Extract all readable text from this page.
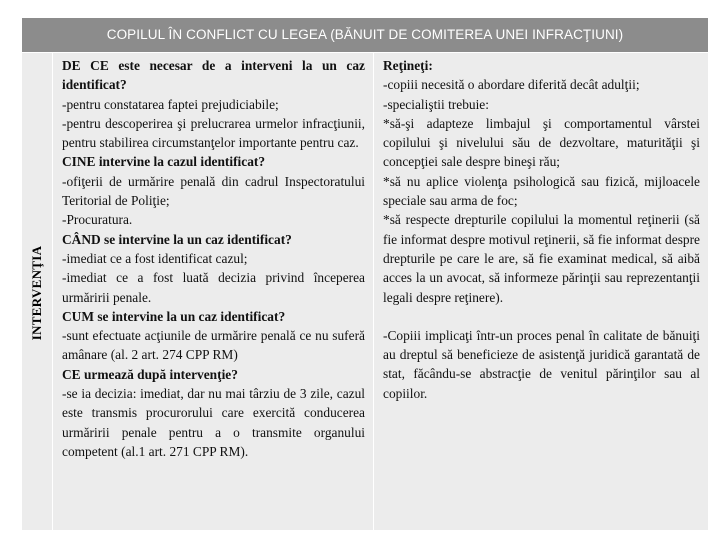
COPILUL ÎN CONFLICT CU LEGEA (BĂNUIT DE COMITEREA UNEI INFRACŢIUNI)
INTERVENŢIA

DE CE este necesar de a interveni la un caz identificat?

-pentru constatarea faptei prejudiciabile;

-pentru descoperirea şi prelucrarea urmelor infracţiunii, pentru stabilirea circumstanţelor importante pentru caz.

CINE intervine la cazul identificat?

-ofiţerii de urmărire penală din cadrul Inspectoratului Teritorial de Poliţie;

-Procuratura.

CÂND se intervine la un caz identificat?

-imediat ce a fost identificat cazul;

-imediat ce a fost luată decizia privind începerea urmăririi penale.

CUM se intervine la un caz identificat?

-sunt efectuate acţiunile de urmărire penală ce nu suferă amânare (al. 2 art. 274 CPP RM)

CE urmează după intervenţie?

-se ia decizia: imediat, dar nu mai târziu de 3 zile, cazul este transmis procurorului care exercită conducerea urmăririi penale pentru a o transmite organului competent (al.1 art. 271 CPP RM).

Reţineţi:

-copiii necesită o abordare diferită decât adulţii;

-specialiştii trebuie:

*să-şi adapteze limbajul şi comportamentul vârstei copilului şi nivelului său de dezvoltare, maturităţii şi concepţiei sale despre bineşi rău;

*să nu aplice violenţa psihologică sau fizică, mijloacele speciale sau arma de foc;

*să respecte drepturile copilului la momentul reţinerii (să fie informat despre motivul reţinerii, să fie informat despre drepturile pe care le are, să fie examinat medical, să aibă acces la un avocat, să informeze părinţii sau reprezentanţii legali despre reţinere).

-Copiii implicaţi într-un proces penal în calitate de bănuiţi au dreptul să beneficieze de asistenţă juridică garantată de stat, făcându-se abstracţie de venitul părinţilor sau al copiilor.
